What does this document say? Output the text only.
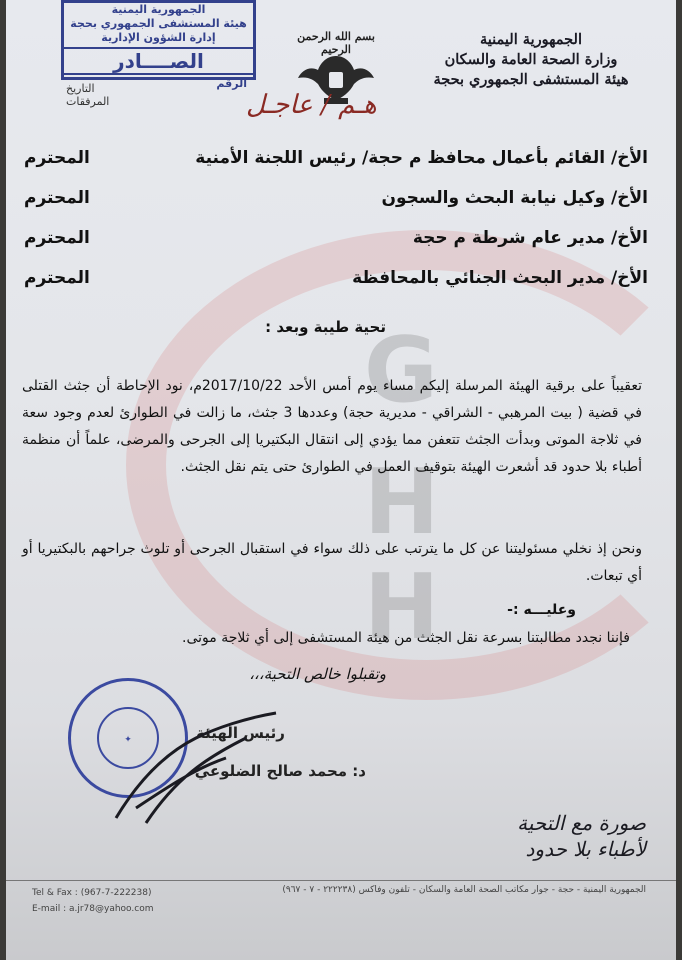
G
H
H
الجمهورية اليمنية
وزارة الصحة العامة والسكان
هيئة المستشفى الجمهوري بحجة
بسم الله الرحمن الرحيم
الجمهورية اليمنية
هيئة المستشفى الجمهوري بحجة
إدارة الشؤون الإدارية
الصــــادر
الرقم
التاريخ
المرفقات	هـم / عاجـل
الأخ/ القائم بأعمال محافظ م حجة/ رئيس اللجنة الأمنية
المحترم
الأخ/ وكيل نيابة البحث والسجون
المحترم
الأخ/ مدير عام شرطة م حجة
المحترم
الأخ/ مدير البحث الجنائي بالمحافظة
المحترم
تحية طيبة وبعد :
تعقيباً على برقية الهيئة المرسلة إليكم مساء يوم أمس الأحد 2017/10/22م، نود الإحاطة أن جثث القتلى في قضية ( بيت المرهبي - الشراقي - مديرية حجة) وعددها 3 جثث، ما زالت في الطوارئ لعدم وجود سعة في ثلاجة الموتى وبدأت الجثث تتعفن مما يؤدي إلى انتقال البكتيريا إلى الجرحى والمرضى، علماً أن منظمة أطباء بلا حدود قد أشعرت الهيئة بتوقيف العمل في الطوارئ حتى يتم نقل الجثث.
ونحن إذ نخلي مسئوليتنا عن كل ما يترتب على ذلك سواء في استقبال الجرحى أو تلوث جراحهم بالبكتيريا أو أي تبعات.
وعليـــه :-
فإننا نجدد مطالبتنا بسرعة نقل الجثث من هيئة المستشفى إلى أي ثلاجة موتى.
وتقبلوا خالص التحية،،،
✦	رئيس الهيئة
د: محمد صالح الضلوعي
صورة مع التحية
لأطباء بلا حدود
Tel & Fax : (967-7-222238)
E-mail : a.jr78@yahoo.com
الجمهورية اليمنية - حجة - جوار مكاتب الصحة العامة والسكان - تلفون وفاكس (٢٢٢٢٣٨ - ٧ - ٩٦٧)
